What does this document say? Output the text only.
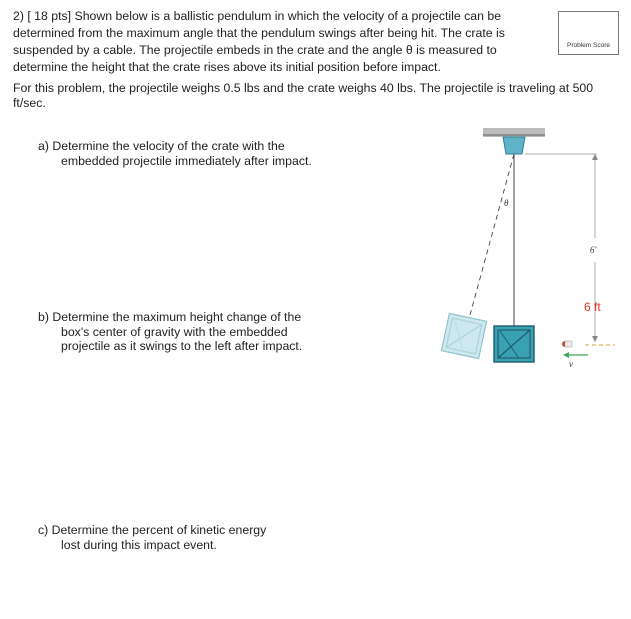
2) [ 18 pts] Shown below is a ballistic pendulum in which the velocity of a projectile can be
determined from the maximum angle that the pendulum swings after being hit. The crate is
suspended by a cable. The projectile embeds in the crate and the angle θ is measured to
determine the height that the crate rises above its initial position before impact.
Problem Score
For this problem, the projectile weighs 0.5 lbs and the crate weighs 40 lbs. The projectile is traveling at 500
ft/sec.
a) Determine the velocity of the crate with the
embedded projectile immediately after impact.
b) Determine the maximum height change of the
box's center of gravity with the embedded
projectile as it swings to the left after impact.
c) Determine the percent of kinetic energy
lost during this impact event.
θ
6′
6 ft
v
